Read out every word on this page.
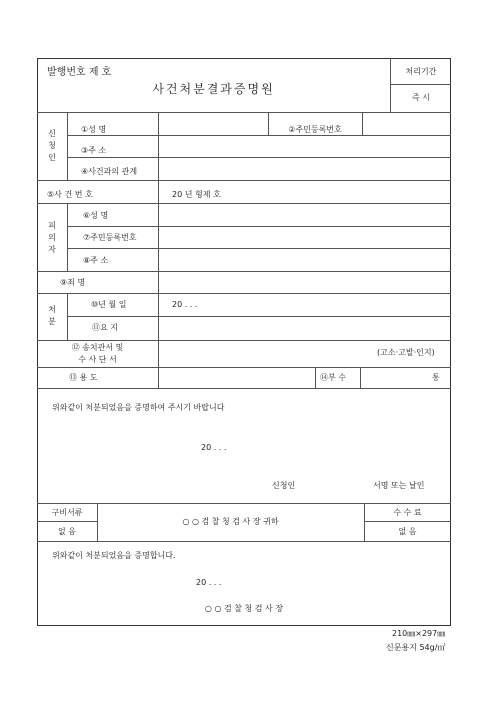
발행번호 제 호
사건처분결과증명원
처리기간
즉 시
신청인
①성 명	②주민등록번호
③주 소
④사건과의 관계
⑤사 건 번 호	20 년 형제 호
피의자
⑥성 명
⑦주민등록번호
⑧주 소
⑨죄 명
처분
⑩년 월 일	20 . . .
⑪요 지
⑫ 송치관서 및
수 사 단 서
(고소·고발·인지)
⑬ 용 도	⑭부 수	통
위와같이 처분되었음을 증명하여 주시기 바랍니다
20 . . .
신청인	서명 또는 날인
구비서류
없 음
○ ○ 검 찰 청 검 사 장 귀하
수 수 료
없 음
위와같이 처분되었음을 증명합니다.
20 . . .
○ ○ 검 찰 청 검 사 장
210㎜×297㎜
신문용지 54g/㎡
